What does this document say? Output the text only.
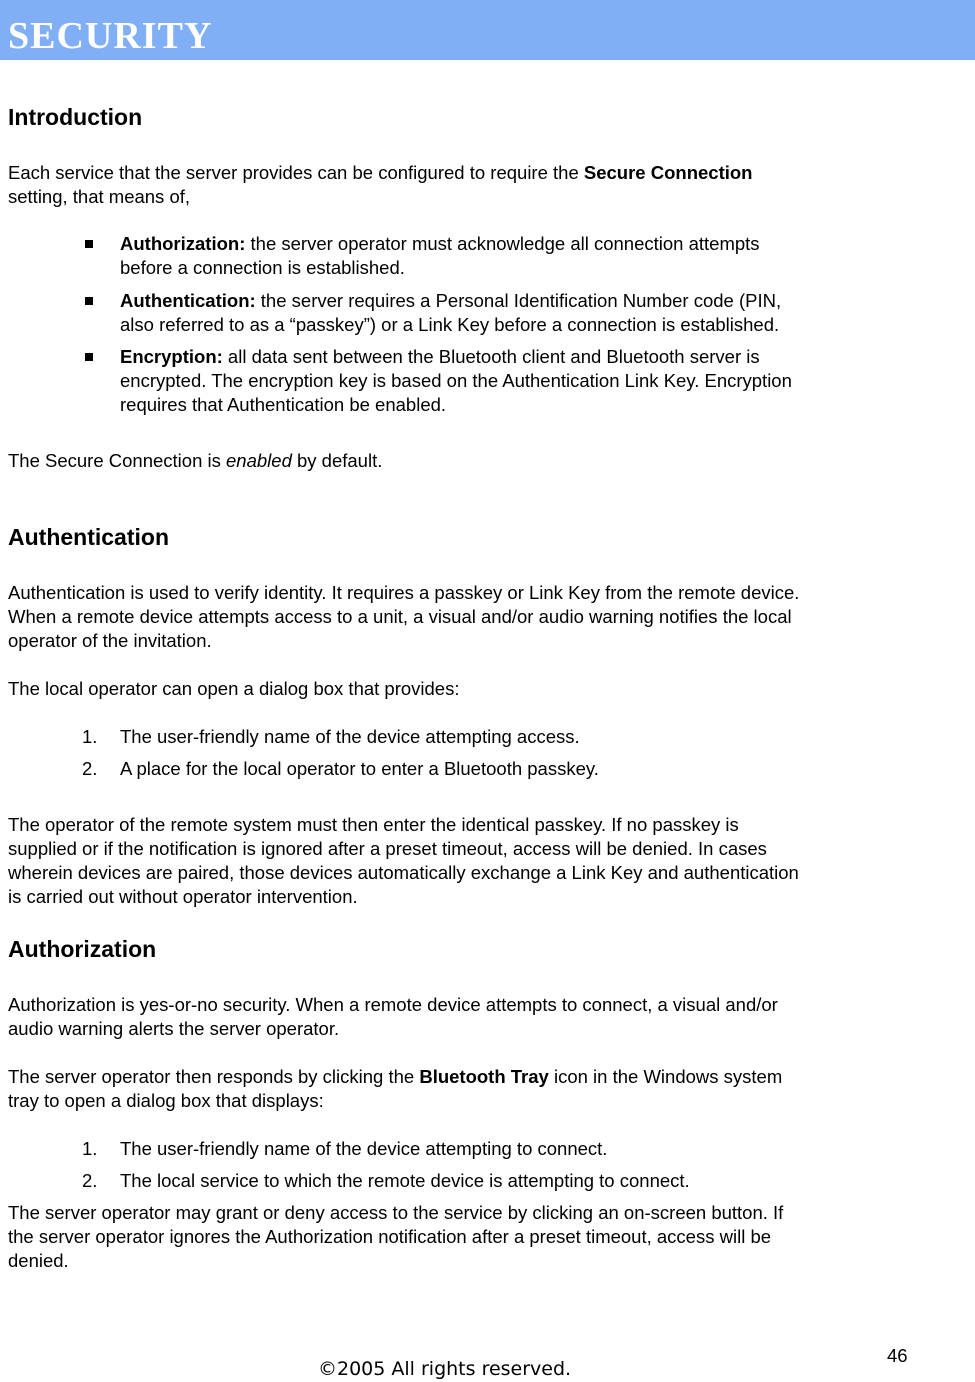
SECURITY
Introduction

Each service that the server provides can be configured to require the Secure Connection
setting, that means of,

Authorization: the server operator must acknowledge all connection attempts
before a connection is established.
Authentication: the server requires a Personal Identification Number code (PIN,
also referred to as a “passkey”) or a Link Key before a connection is established.
Encryption: all data sent between the Bluetooth client and Bluetooth server is
encrypted. The encryption key is based on the Authentication Link Key. Encryption
requires that Authentication be enabled.

The Secure Connection is enabled by default.

Authentication

Authentication is used to verify identity. It requires a passkey or Link Key from the remote device.
When a remote device attempts access to a unit, a visual and/or audio warning notifies the local
operator of the invitation.

The local operator can open a dialog box that provides:

1. The user-friendly name of the device attempting access.
2. A place for the local operator to enter a Bluetooth passkey.

The operator of the remote system must then enter the identical passkey. If no passkey is
supplied or if the notification is ignored after a preset timeout, access will be denied. In cases
wherein devices are paired, those devices automatically exchange a Link Key and authentication
is carried out without operator intervention.

Authorization

Authorization is yes-or-no security. When a remote device attempts to connect, a visual and/or
audio warning alerts the server operator.

The server operator then responds by clicking the Bluetooth Tray icon in the Windows system
tray to open a dialog box that displays:

1. The user-friendly name of the device attempting to connect.
2. The local service to which the remote device is attempting to connect.

The server operator may grant or deny access to the service by clicking an on-screen button. If
the server operator ignores the Authorization notification after a preset timeout, access will be
denied.

46
©2005 All rights reserved.
